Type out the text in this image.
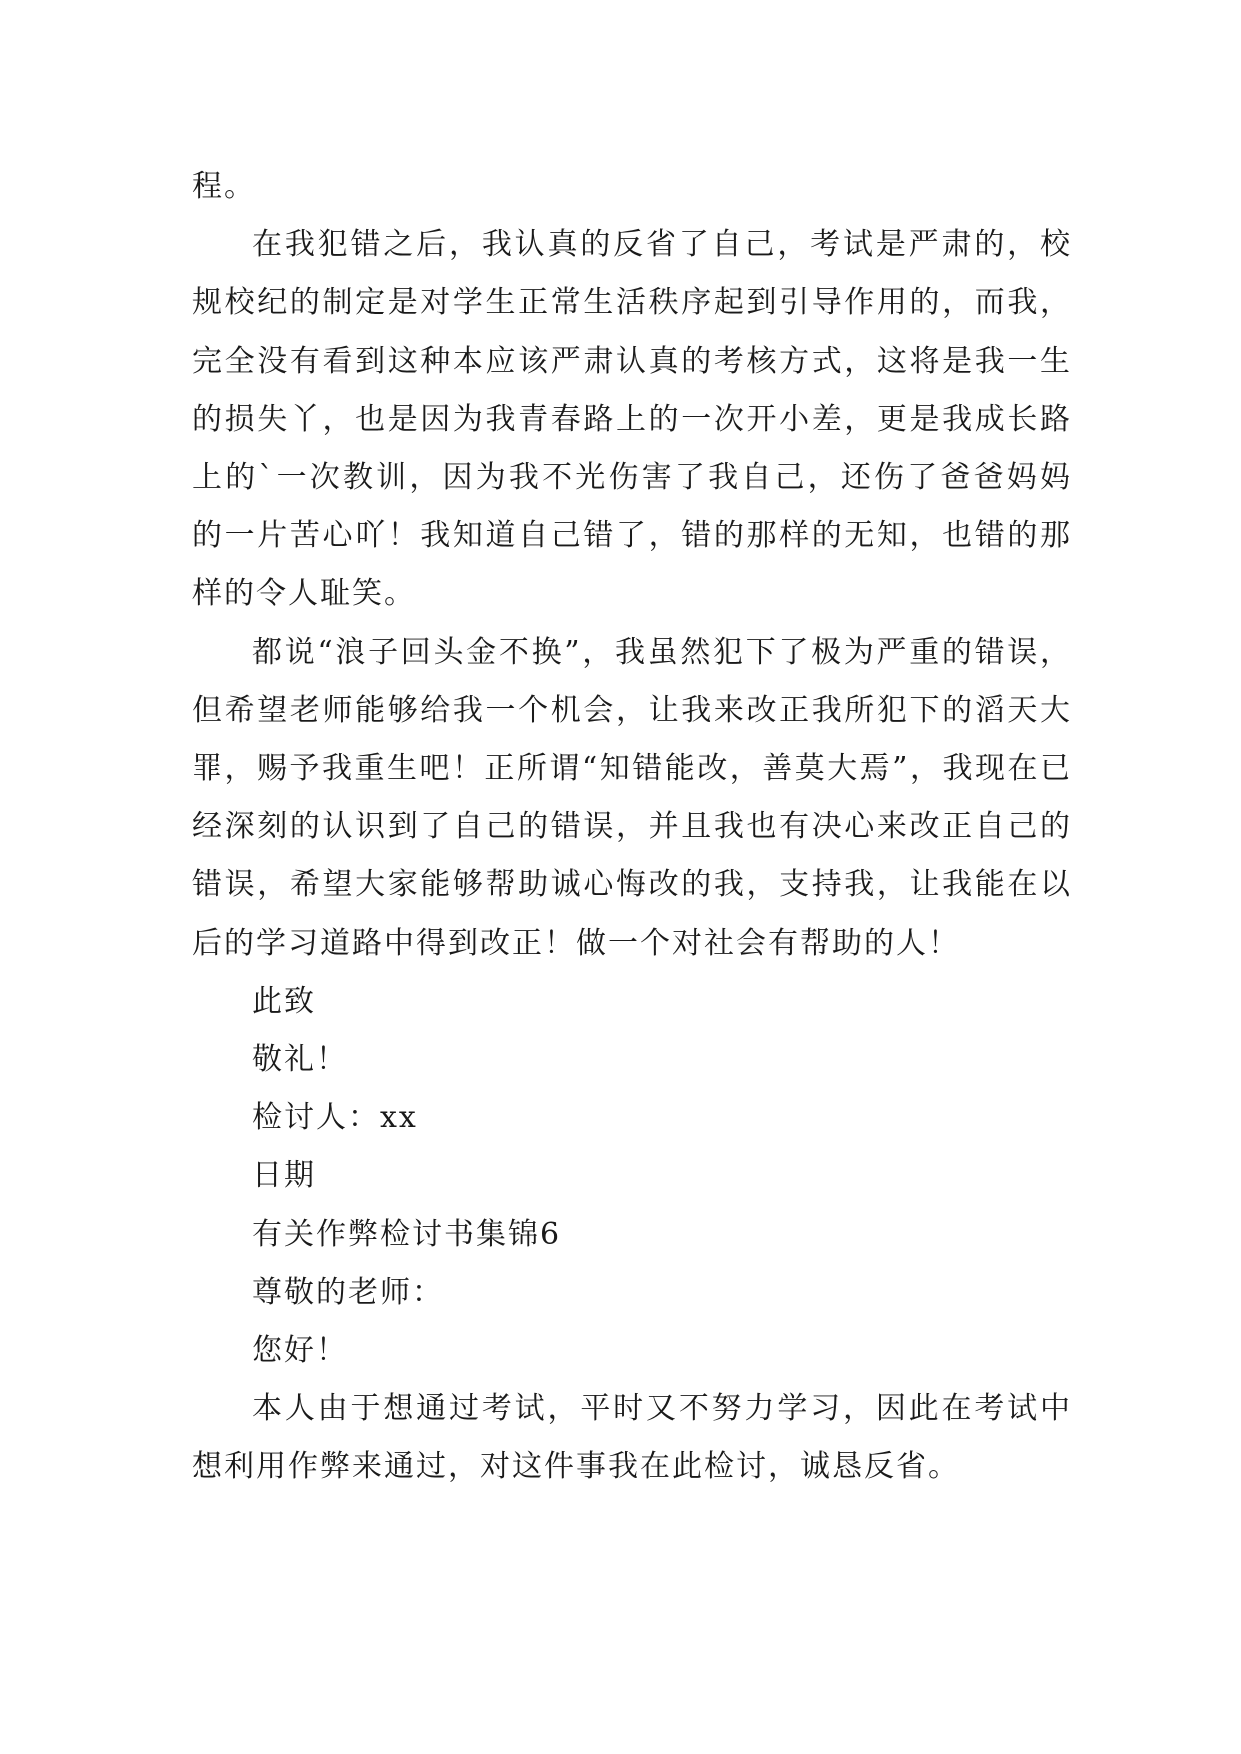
程。

在我犯错之后，我认真的反省了自己，考试是严肃的，校规校纪的制定是对学生正常生活秩序起到引导作用的，而我，完全没有看到这种本应该严肃认真的考核方式，这将是我一生的损失丫，也是因为我青春路上的一次开小差，更是我成长路上的`一次教训，因为我不光伤害了我自己，还伤了爸爸妈妈的一片苦心吖！我知道自己错了，错的那样的无知，也错的那样的令人耻笑。

都说“浪子回头金不换”，我虽然犯下了极为严重的错误，但希望老师能够给我一个机会，让我来改正我所犯下的滔天大罪，赐予我重生吧！正所谓“知错能改，善莫大焉”，我现在已经深刻的认识到了自己的错误，并且我也有决心来改正自己的错误，希望大家能够帮助诚心悔改的我，支持我，让我能在以后的学习道路中得到改正！做一个对社会有帮助的人！

此致

敬礼！

检讨人：xx

日期

有关作弊检讨书集锦6

尊敬的老师：

您好！

本人由于想通过考试，平时又不努力学习，因此在考试中想利用作弊来通过，对这件事我在此检讨，诚恳反省。
